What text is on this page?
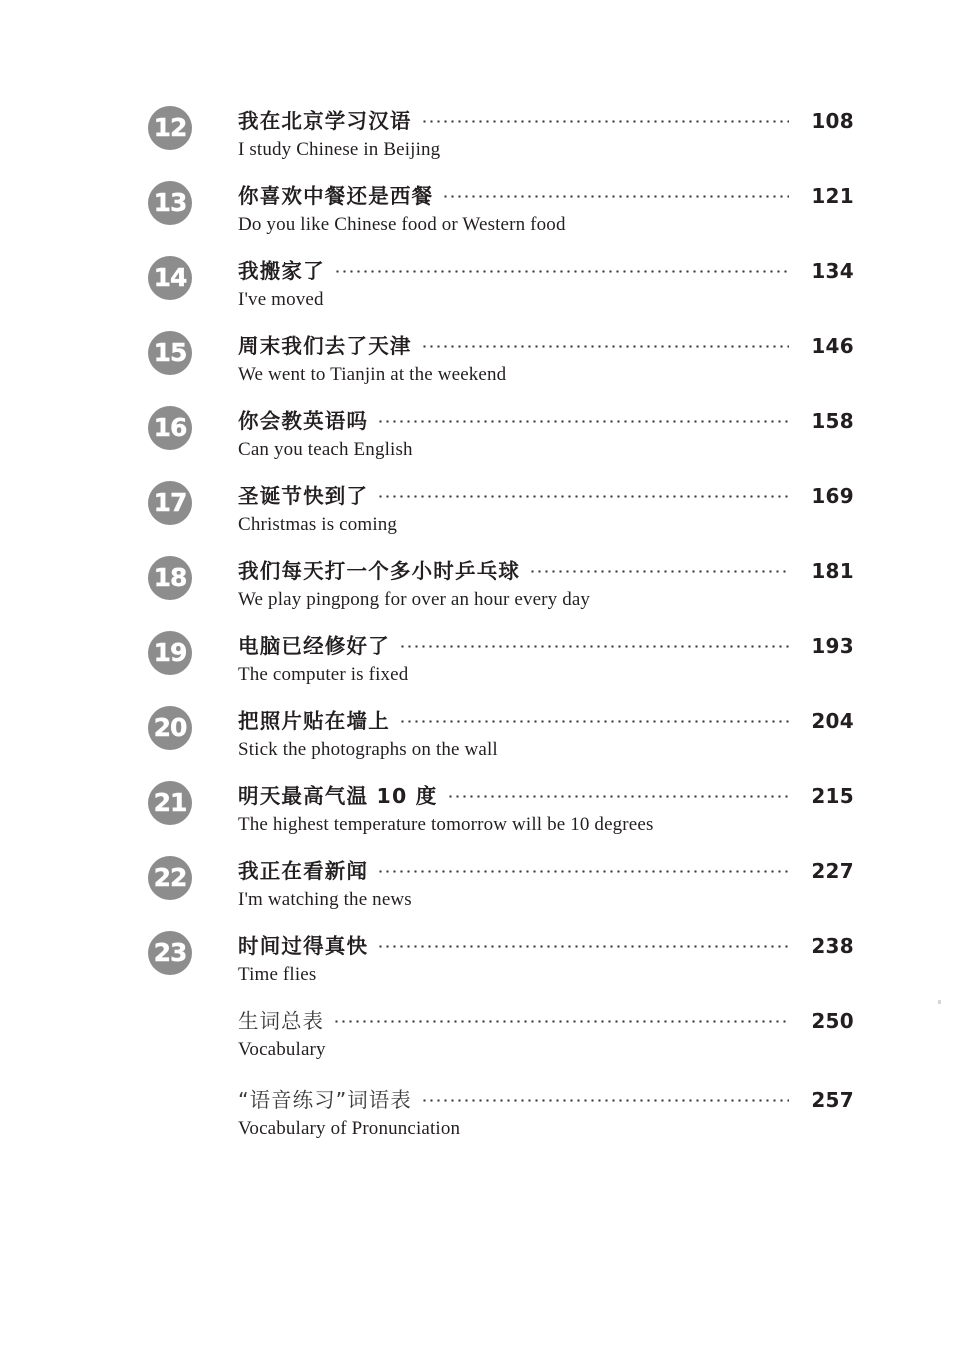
12	我在北京学习汉语	108
I study Chinese in Beijing
13	你喜欢中餐还是西餐	121
Do you like Chinese food or Western food
14	我搬家了	134
I've moved
15	周末我们去了天津	146
We went to Tianjin at the weekend
16	你会教英语吗	158
Can you teach English
17	圣诞节快到了	169
Christmas is coming
18	我们每天打一个多小时乒乓球	181
We play pingpong for over an hour every day
19	电脑已经修好了	193
The computer is fixed
20	把照片贴在墙上	204
Stick the photographs on the wall
21	明天最高气温 10 度	215
The highest temperature tomorrow will be 10 degrees
22	我正在看新闻	227
I'm watching the news
23	时间过得真快	238
Time flies
生词总表	250
Vocabulary
“语音练习”词语表	257
Vocabulary of Pronunciation
